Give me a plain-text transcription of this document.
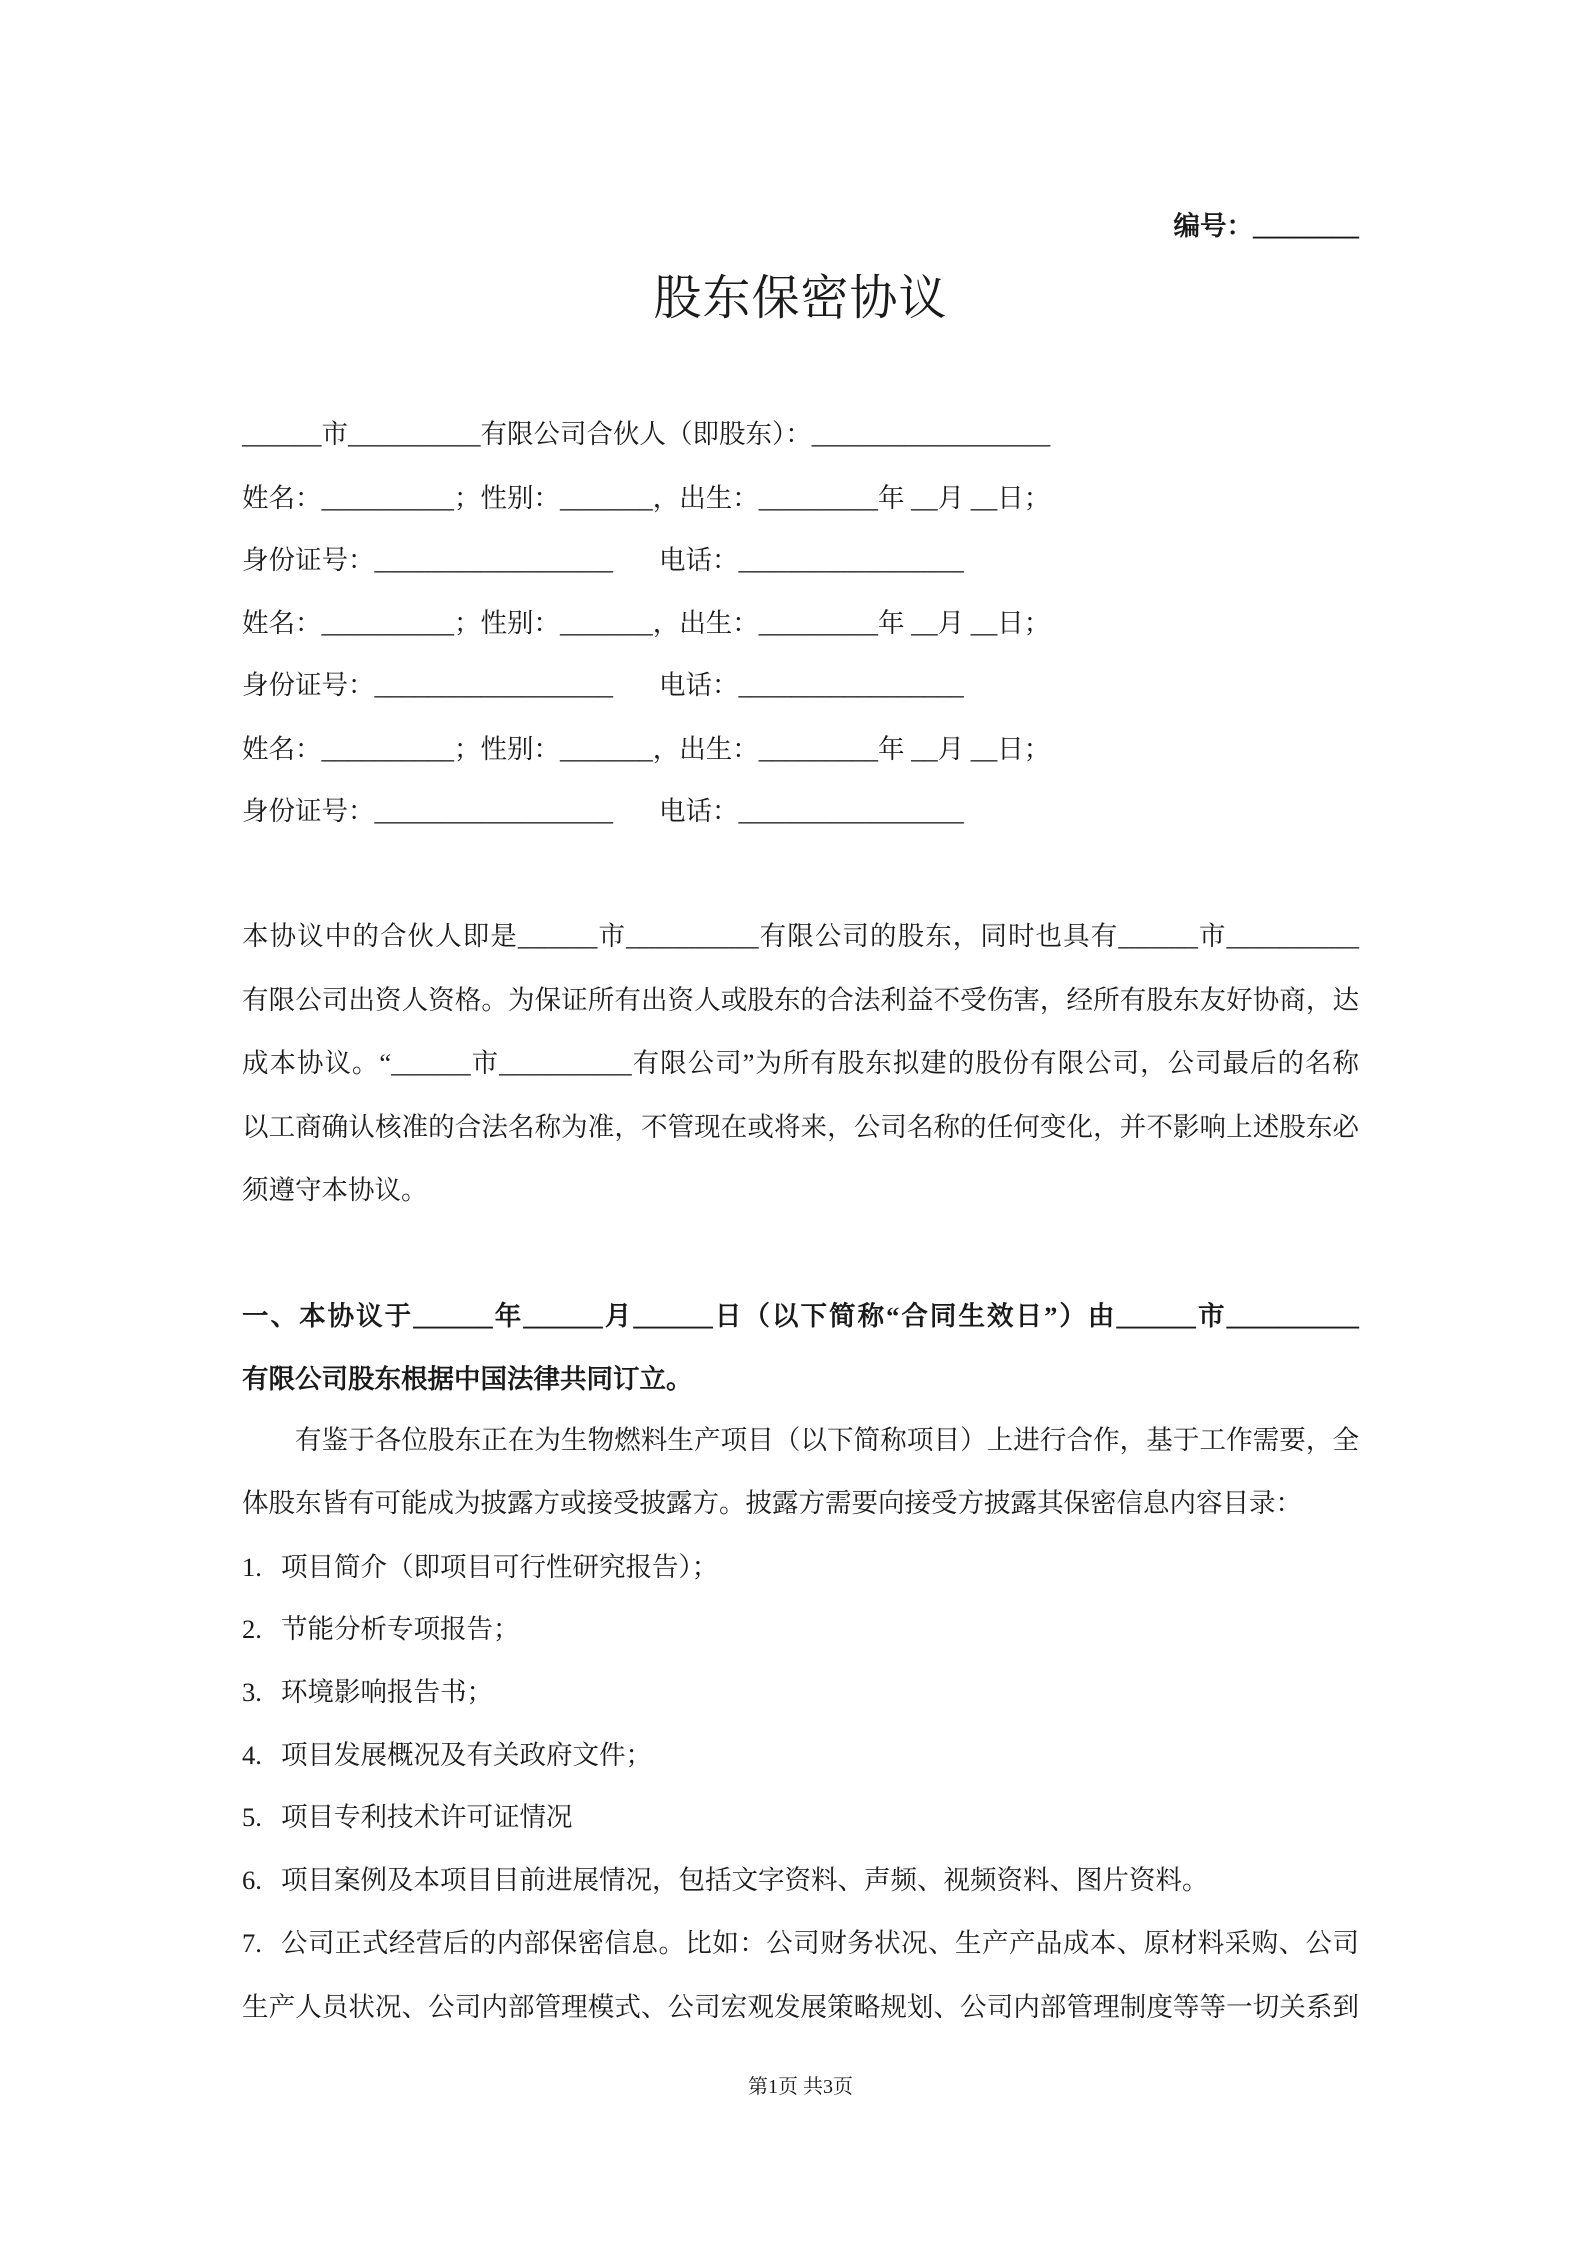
编号：________
股东保密协议
______市__________有限公司合伙人（即股东）：__________________
姓名：__________；性别：_______，出生：_________年 __月 __日；
身份证号：__________________ 电话：_________________
姓名：__________；性别：_______，出生：_________年 __月 __日；
身份证号：__________________ 电话：_________________
姓名：__________；性别：_______，出生：_________年 __月 __日；
身份证号：__________________ 电话：_________________
本协议中的合伙人即是______市__________有限公司的股东，同时也具有______市__________
有限公司出资人资格。为保证所有出资人或股东的合法利益不受伤害，经所有股东友好协商，达
成本协议。“______市__________有限公司”为所有股东拟建的股份有限公司，公司最后的名称
以工商确认核准的合法名称为准，不管现在或将来，公司名称的任何变化，并不影响上述股东必
须遵守本协议。
一、本协议于______年______月______日（以下简称“合同生效日”）由______市__________
有限公司股东根据中国法律共同订立。
有鉴于各位股东正在为生物燃料生产项目（以下简称项目）上进行合作，基于工作需要，全
体股东皆有可能成为披露方或接受披露方。披露方需要向接受方披露其保密信息内容目录：
1. 项目简介（即项目可行性研究报告）；
2. 节能分析专项报告；
3. 环境影响报告书；
4. 项目发展概况及有关政府文件；
5. 项目专利技术许可证情况
6. 项目案例及本项目目前进展情况，包括文字资料、声频、视频资料、图片资料。
7. 公司正式经营后的内部保密信息。比如：公司财务状况、生产产品成本、原材料采购、公司
生产人员状况、公司内部管理模式、公司宏观发展策略规划、公司内部管理制度等等一切关系到
第1页 共3页
